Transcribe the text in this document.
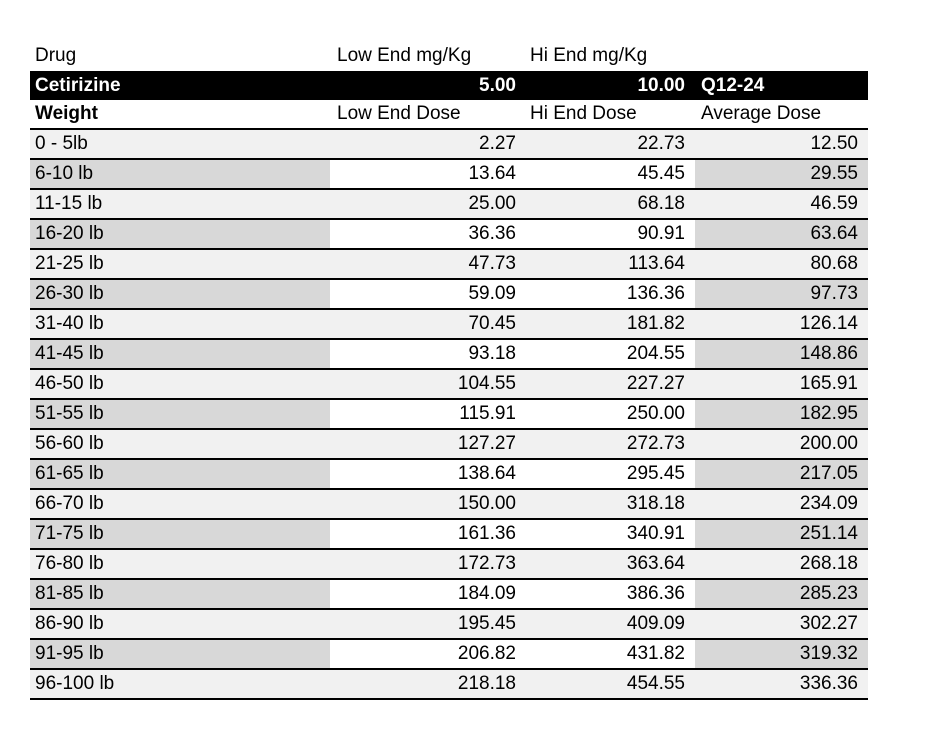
Drug	Low End mg/Kg	Hi End mg/Kg	
Cetirizine	5.00	10.00	Q12-24
Weight	Low End Dose	Hi End Dose	Average Dose
0 - 5lb	2.27	22.73	12.50
6-10 lb	13.64	45.45	29.55
11-15 lb	25.00	68.18	46.59
16-20 lb	36.36	90.91	63.64
21-25 lb	47.73	113.64	80.68
26-30 lb	59.09	136.36	97.73
31-40 lb	70.45	181.82	126.14
41-45 lb	93.18	204.55	148.86
46-50 lb	104.55	227.27	165.91
51-55 lb	115.91	250.00	182.95
56-60 lb	127.27	272.73	200.00
61-65 lb	138.64	295.45	217.05
66-70 lb	150.00	318.18	234.09
71-75 lb	161.36	340.91	251.14
76-80 lb	172.73	363.64	268.18
81-85 lb	184.09	386.36	285.23
86-90 lb	195.45	409.09	302.27
91-95 lb	206.82	431.82	319.32
96-100 lb	218.18	454.55	336.36
